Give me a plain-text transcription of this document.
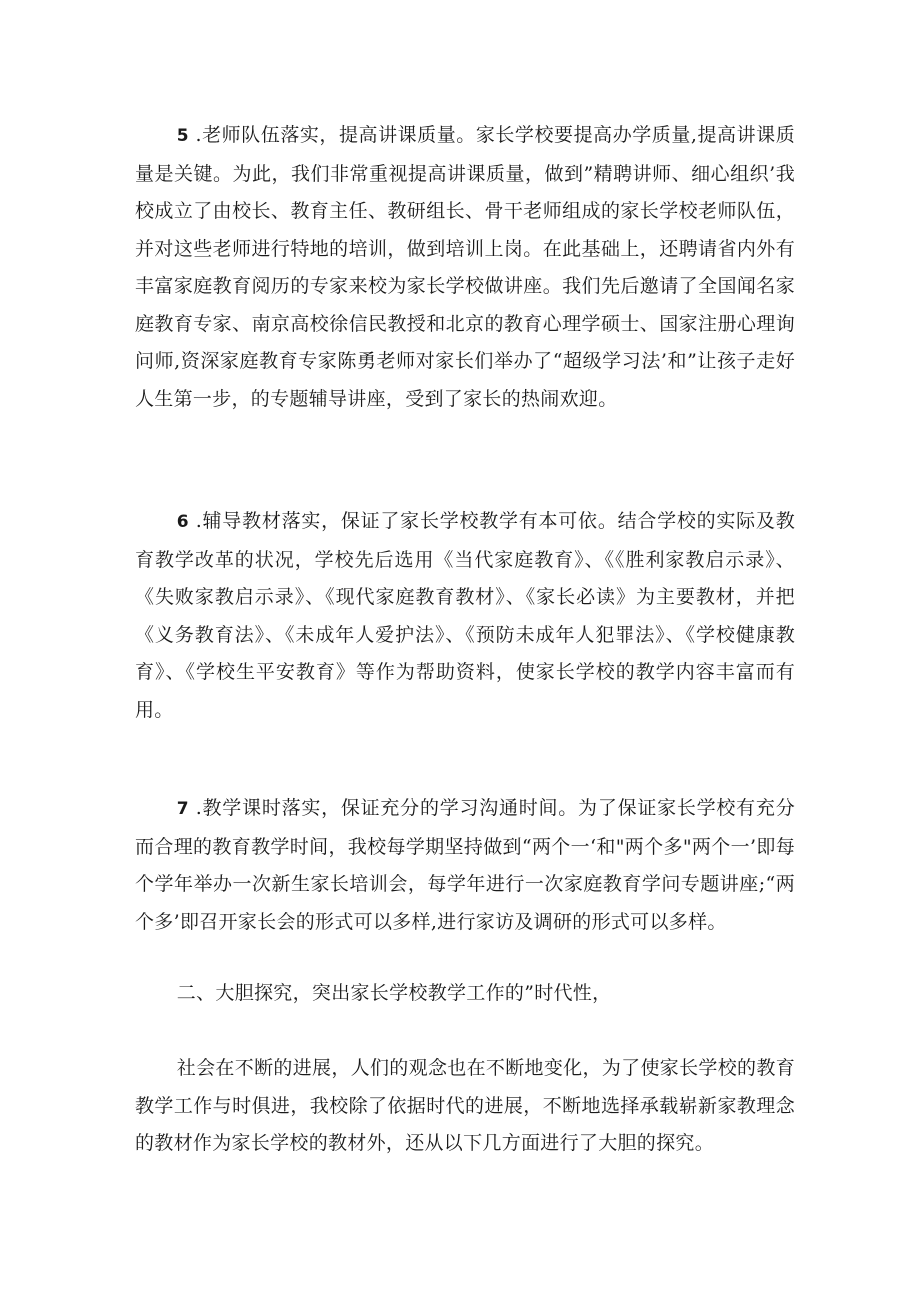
5 .老师队伍落实，提高讲课质量。家长学校要提高办学质量,提高讲课质量是关键。为此，我们非常重视提高讲课质量，做到”精聘讲师、细心组织’我校成立了由校长、教育主任、教研组长、骨干老师组成的家长学校老师队伍，并对这些老师进行特地的培训，做到培训上岗。在此基础上，还聘请省内外有丰富家庭教育阅历的专家来校为家长学校做讲座。我们先后邀请了全国闻名家庭教育专家、南京高校徐信民教授和北京的教育心理学硕士、国家注册心理询问师,资深家庭教育专家陈勇老师对家长们举办了“超级学习法’和”让孩子走好人生第一步，的专题辅导讲座，受到了家长的热闹欢迎。

6 .辅导教材落实，保证了家长学校教学有本可依。结合学校的实际及教育教学改革的状况，学校先后选用《当代家庭教育》、《《胜利家教启示录》、《失败家教启示录》、《现代家庭教育教材》、《家长必读》为主要教材，并把《义务教育法》、《未成年人爱护法》、《预防未成年人犯罪法》、《学校健康教育》、《学校生平安教育》等作为帮助资料，使家长学校的教学内容丰富而有用。

7 .教学课时落实，保证充分的学习沟通时间。为了保证家长学校有充分而合理的教育教学时间，我校每学期坚持做到“两个一‘和"两个多"两个一’即每个学年举办一次新生家长培训会，每学年进行一次家庭教育学问专题讲座;“两个多’即召开家长会的形式可以多样,进行家访及调研的形式可以多样。

二、大胆探究，突出家长学校教学工作的”时代性，

社会在不断的进展，人们的观念也在不断地变化，为了使家长学校的教育教学工作与时俱进，我校除了依据时代的进展，不断地选择承载崭新家教理念的教材作为家长学校的教材外，还从以下几方面进行了大胆的探究。
